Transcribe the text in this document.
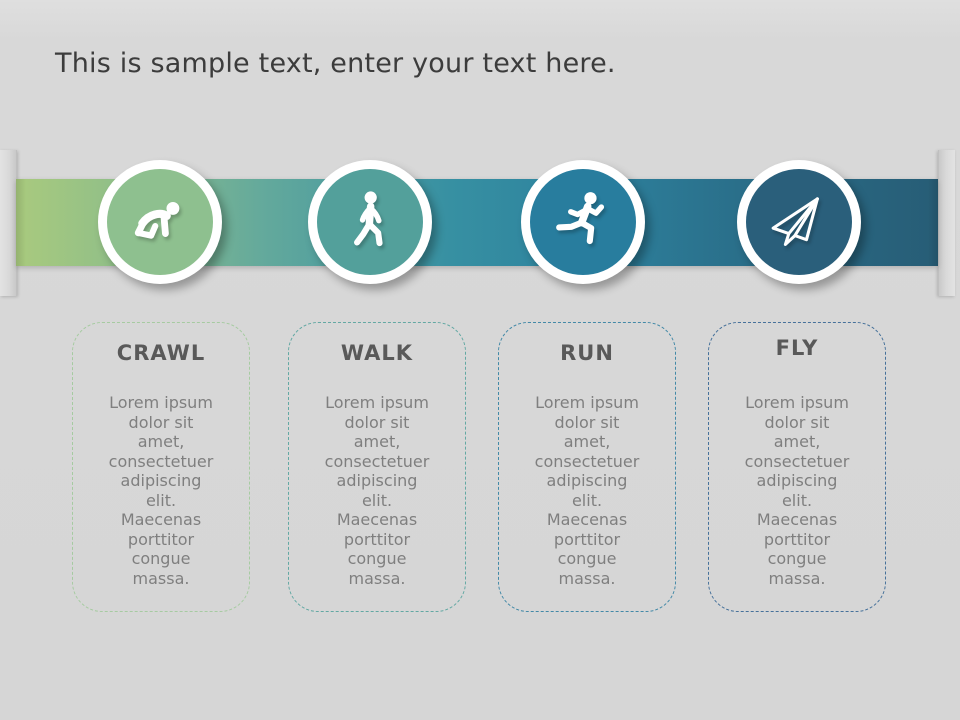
This is sample text, enter your text here.
CRAWL

Lorem ipsum dolor sit amet, consectetuer adipiscing elit. Maecenas porttitor congue massa.

WALK

Lorem ipsum dolor sit amet, consectetuer adipiscing elit. Maecenas porttitor congue massa.

RUN

Lorem ipsum dolor sit amet, consectetuer adipiscing elit. Maecenas porttitor congue massa.

FLY

Lorem ipsum dolor sit amet, consectetuer adipiscing elit. Maecenas porttitor congue massa.
